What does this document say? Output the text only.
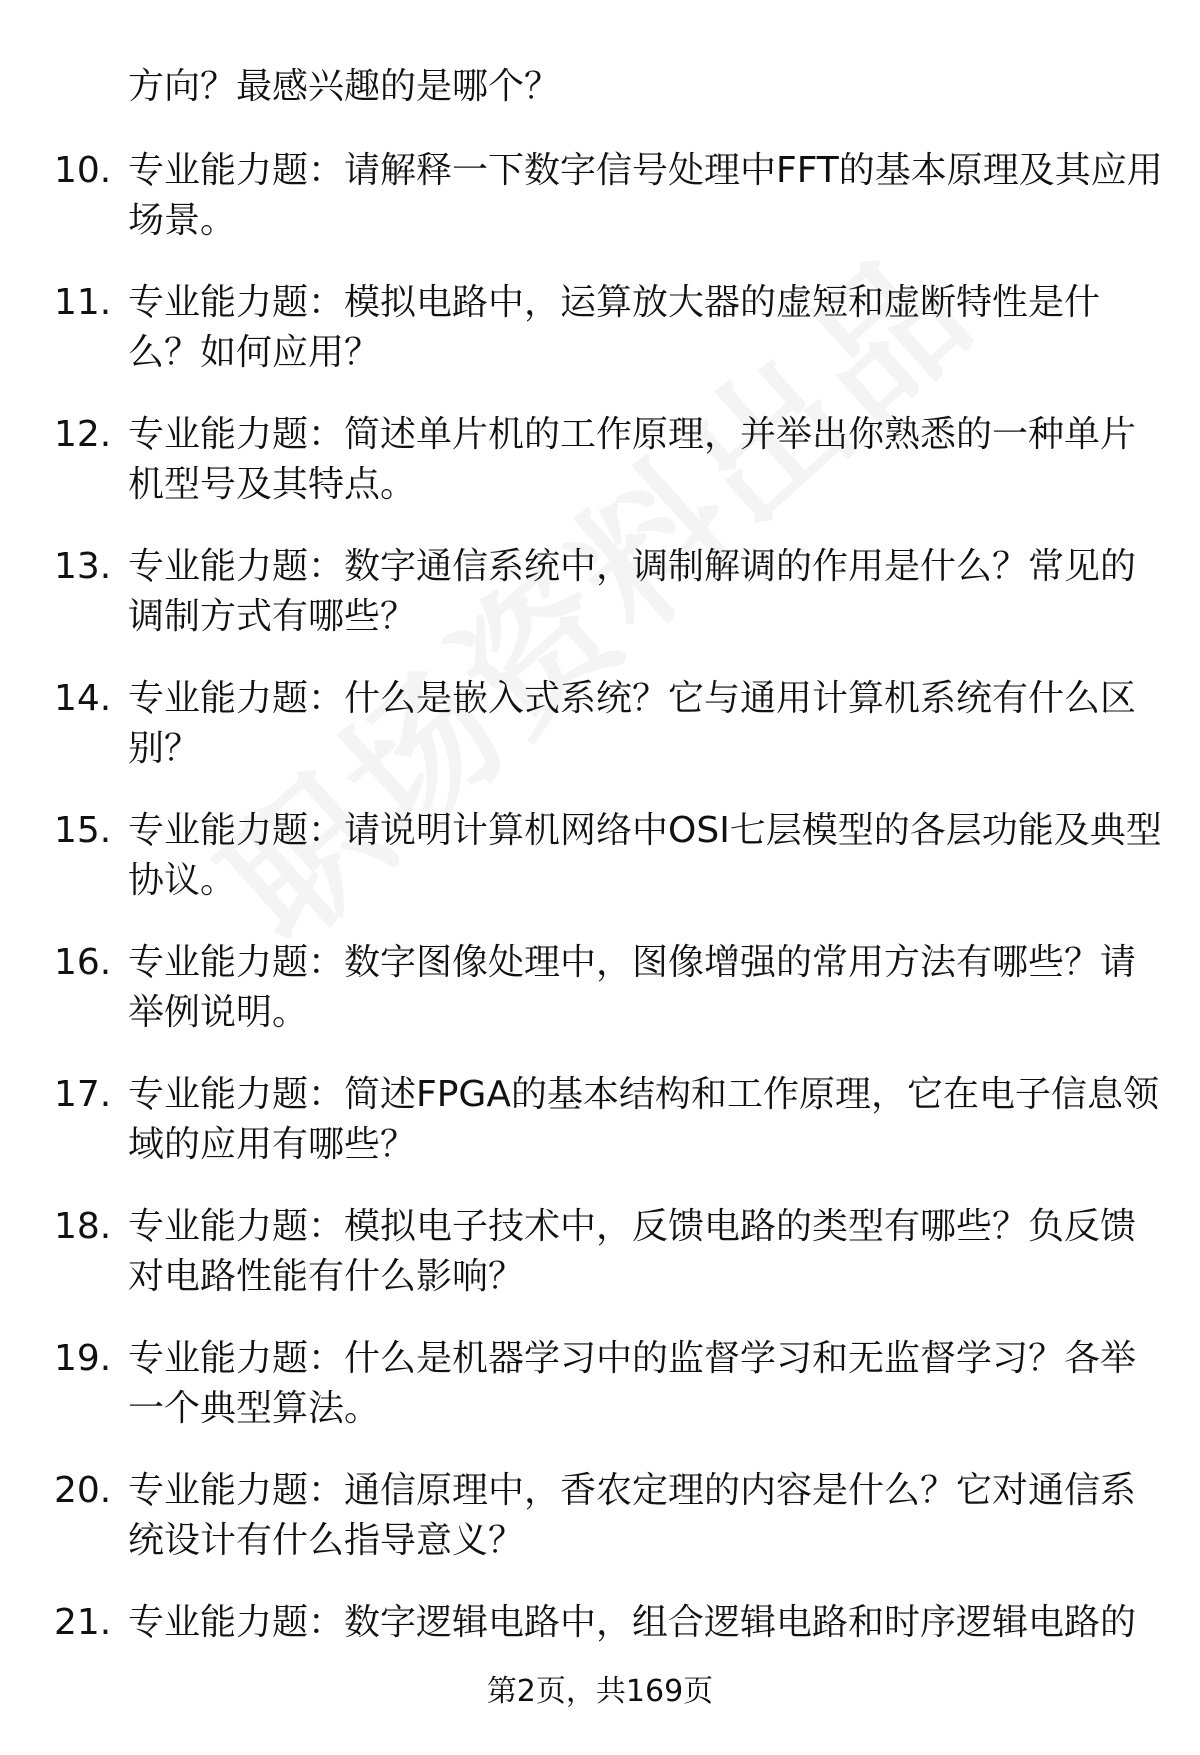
方向？最感兴趣的是哪个？

10. 专业能力题：请解释一下数字信号处理中FFT的基本原理及其应用场景。
11. 专业能力题：模拟电路中，运算放大器的虚短和虚断特性是什么？如何应用？
12. 专业能力题：简述单片机的工作原理，并举出你熟悉的一种单片机型号及其特点。
13. 专业能力题：数字通信系统中，调制解调的作用是什么？常见的调制方式有哪些？
14. 专业能力题：什么是嵌入式系统？它与通用计算机系统有什么区别？
15. 专业能力题：请说明计算机网络中OSI七层模型的各层功能及典型协议。
16. 专业能力题：数字图像处理中，图像增强的常用方法有哪些？请举例说明。
17. 专业能力题：简述FPGA的基本结构和工作原理，它在电子信息领域的应用有哪些？
18. 专业能力题：模拟电子技术中，反馈电路的类型有哪些？负反馈对电路性能有什么影响？
19. 专业能力题：什么是机器学习中的监督学习和无监督学习？各举一个典型算法。
20. 专业能力题：通信原理中，香农定理的内容是什么？它对通信系统设计有什么指导意义？
21. 专业能力题：数字逻辑电路中，组合逻辑电路和时序逻辑电路的
第2页，共169页
